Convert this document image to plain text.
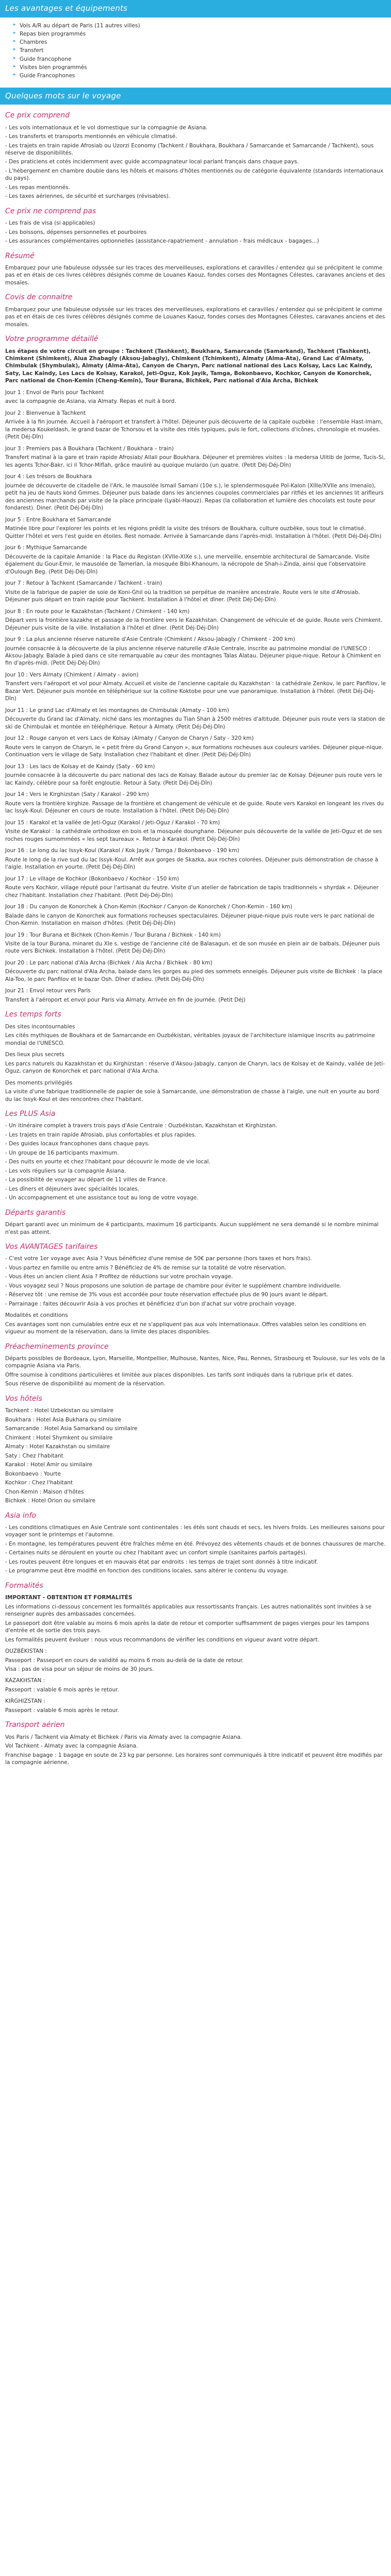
Les avantages et équipements
▸ Vols A/R au départ de Paris (11 autres villes)
▸ Repas bien programmés
▸ Chambres
▸ Transfert
▸ Guide francophone
▸ Visites bien programmés
▸ Guide Francophones
Quelques mots sur le voyage
Ce prix comprend

- Les vols internationaux et le vol domestique sur la compagnie de Asiana.

- Les transferts et transports mentionnés en véhicule climatisé.

- Les trajets en train rapide Afrosiab ou Uzorzi Economy (Tachkent / Boukhara, Boukhara / Samarcande et Samarcande / Tachkent), sous réserve de disponibilités.

- Des praticiens et cotés incidemment avec guide accompagnateur local parlant français dans chaque pays.

- L'hébergement en chambre double dans les hôtels et maisons d'hôtes mentionnés ou de catégorie équivalente (standards internationaux du pays).

- Les repas mentionnés.

- Les taxes aériennes, de sécurité et surcharges (révisables).

Ce prix ne comprend pas

- Les frais de visa (si applicables)

- Les boissons, dépenses personnelles et pourboires

- Les assurances complémentaires optionnelles (assistance-rapatriement - annulation - frais médicaux - bagages...)

Résumé

Embarquez pour une fabuleuse odyssée sur les traces des merveilleuses, explorations et caravilles / entendez qui se précipitent le comme pas et en étais de ces livres célèbres désignés comme de Louanes Kaouz, fondes corses des Montagnes Célestes, caravanes anciens et des mosaïes.

Covis de connaitre

Embarquez pour une fabuleuse odyssée sur les traces des merveilleuses, explorations et caravilles / entendez qui se précipitent le comme pas et en étais de ces livres célèbres désignés comme de Louanes Kaouz, fondes corses des Montagnes Célestes, caravanes anciens et des mosaïes.

Votre programme détaillé

Les étapes de votre circuit en groupe : Tachkent (Tashkent), Boukhara, Samarcande (Samarkand), Tachkent (Tashkent), Chimkent (Shimkent), Alua Zhabagly (Aksou-Jabagly), Chimkent (Tchimkent), Almaty (Alma-Ata), Grand Lac d'Almaty, Chimbulak (Shymbulak), Almaty (Alma-Ata), Canyon de Charyn, Parc national national des Lacs Kolsay, Lacs Lac Kaindy, Saty, Lac Kaindy, Les Lacs de Kolsay, Karakol, Jeti-Oguz, Kok Jayik, Tamga, Bokonbaevo, Kochkor, Canyon de Konorchek, Parc national de Chon-Kemin (Cheng-Kemin), Tour Burana, Bichkek, Parc national d'Ala Archa, Bichkek

Jour 1 : Envol de Paris pour Tachkent

avec la compagnie de Asiana, via Almaty. Repas et nuit à bord.

Jour 2 : Bienvenue à Tachkent

Arrivée à la fin journée. Accueil à l'aéroport et transfert à l'hôtel. Déjeuner puis découverte de la capitale ouzbèke : l'ensemble Hast-Imam, la medersa Koukeldash, le grand bazar de Tchorsou et la visite des rités typiques, puis le fort, collections d'icônes, chronologie et musées. (Petit Déj-Dîn)

Jour 3 : Premiers pas à Boukhara (Tachkent / Boukhara – train)

Transfert matinal à la gare et train rapide Afrosiab/ Allali pour Boukhara. Déjeuner et premières visites : la medersa Ulitib de Jorme, Tucis-Si, les agents Tchor-Bakr, ici il Tchor-Miflah, grâce mauliré au quoique mulardo (un quatre. (Petit Déj-Déj-Dîn)

Jour 4 : Les trésors de Boukhara

Journée de découverte de citadelle de l'Ark, le mausolée Ismail Samani (10e s.), le splendermosquée Poï-Kalon (XIIIe/XVIIe ans lmenaïo), petit ha jeu de hauts kond Gmmes. Déjeuner puis balade dans les anciennes coupoles commerciales par ritfiés et les anciennes lit arifleurs des anciennes marchands par visite de la place principale (Lyabi-Haouz). Repas (la collaboration et lumière des chocolats est toute pour fondarest). Diner. (Petit Déj-Déj-Dîn)

Jour 5 : Entre Boukhara et Samarcande

Matinée libre pour l'explorer les points et les régions prédit la visite des trésors de Boukhara, culture ouzbèke, sous tout le climatisé. Quitter l'hôtel et vers l'est guide en étoiles. Rest nomade. Arrivée à Samarcande dans l'après-midi. Installation à l'hôtel. (Petit Déj-Déj-Dîn)

Jour 6 : Mythique Samarcande

Découverte de la capitale Amanide : la Place du Registan (XVIIe-XIXe s.), une merveille, ensemble architectural de Samarcande. Visite également du Gour-Emir, le mausolée de Tamerlan, la mosquée Bibi-Khanoum, la nécropole de Shah-i-Zinda, ainsi que l'observatoire d'Oulough Beg. (Petit Déj-Déj-Dîn)

Jour 7 : Retour à Tachkent (Samarcande / Tachkent - train)

Visite de la fabrique de papier de soie de Koni-Ghil où la tradition se perpétue de manière ancestrale. Route vers le site d'Afrosiab. Déjeuner puis départ en train rapide pour Tachkent. Installation à l'hôtel et dîner. (Petit Déj-Déj-Dîn)

Jour 8 : En route pour le Kazakhstan (Tachkent / Chimkent - 140 km)

Départ vers la frontière kazakhe et passage de la frontière vers le Kazakhstan. Changement de véhicule et de guide. Route vers Chimkent. Déjeuner puis visite de la ville. Installation à l'hôtel et dîner. (Petit Déj-Déj-Dîn)

Jour 9 : La plus ancienne réserve naturelle d'Asie Centrale (Chimkent / Aksou-Jabagly / Chimkent - 200 km)

Journée consacrée à la découverte de la plus ancienne réserve naturelle d'Asie Centrale, inscrite au patrimoine mondial de l'UNESCO : Aksou-Jabagly. Balade à pied dans ce site remarquable au cœur des montagnes Talas Alatau. Déjeuner pique-nique. Retour à Chimkent en fin d'après-midi. (Petit Déj-Déj-Dîn)

Jour 10 : Vers Almaty (Chimkent / Almaty - avion)

Transfert vers l'aéroport et vol pour Almaty. Accueil et visite de l'ancienne capitale du Kazakhstan : la cathédrale Zenkov, le parc Panfilov, le Bazar Vert. Déjeuner puis montée en téléphérique sur la colline Koktobe pour une vue panoramique. Installation à l'hôtel. (Petit Déj-Déj-Dîn)

Jour 11 : Le grand Lac d'Almaty et les montagnes de Chimbulak (Almaty - 100 km)

Découverte du Grand lac d'Almaty, niché dans les montagnes du Tian Shan à 2500 mètres d'altitude. Déjeuner puis route vers la station de ski de Chimbulak et montée en téléphérique. Retour à Almaty. (Petit Déj-Déj-Dîn)

Jour 12 : Rouge canyon et vers Lacs de Kolsay (Almaty / Canyon de Charyn / Saty - 320 km)

Route vers le canyon de Charyn, le « petit frère du Grand Canyon », aux formations rocheuses aux couleurs variées. Déjeuner pique-nique. Continuation vers le village de Saty. Installation chez l'habitant et dîner. (Petit Déj-Déj-Dîn)

Jour 13 : Les lacs de Kolsay et de Kaindy (Saty - 60 km)

Journée consacrée à la découverte du parc national des lacs de Kolsay. Balade autour du premier lac de Kolsay. Déjeuner puis route vers le lac Kaindy, célèbre pour sa forêt engloutie. Retour à Saty. (Petit Déj-Déj-Dîn)

Jour 14 : Vers le Kirghizstan (Saty / Karakol - 290 km)

Route vers la frontière kirghize. Passage de la frontière et changement de véhicule et de guide. Route vers Karakol en longeant les rives du lac Issyk-Koul. Déjeuner en cours de route. Installation à l'hôtel. (Petit Déj-Déj-Dîn)

Jour 15 : Karakol et la vallée de Jeti-Oguz (Karakol / Jeti-Oguz / Karakol - 70 km)

Visite de Karakol : la cathédrale orthodoxe en bois et la mosquée dounghane. Déjeuner puis découverte de la vallée de Jeti-Oguz et de ses roches rouges surnommées « les sept taureaux ». Retour à Karakol. (Petit Déj-Déj-Dîn)

Jour 16 : Le long du lac Issyk-Koul (Karakol / Kok Jayik / Tamga / Bokonbaevo - 190 km)

Route le long de la rive sud du lac Issyk-Koul. Arrêt aux gorges de Skazka, aux roches colorées. Déjeuner puis démonstration de chasse à l'aigle. Installation en yourte. (Petit Déj-Déj-Dîn)

Jour 17 : Le village de Kochkor (Bokonbaevo / Kochkor - 150 km)

Route vers Kochkor, village réputé pour l'artisanat du feutre. Visite d'un atelier de fabrication de tapis traditionnels « shyrdak ». Déjeuner chez l'habitant. Installation chez l'habitant. (Petit Déj-Déj-Dîn)

Jour 18 : Du canyon de Konorchek à Chon-Kemin (Kochkor / Canyon de Konorchek / Chon-Kemin - 160 km)

Balade dans le canyon de Konorchek aux formations rocheuses spectaculaires. Déjeuner pique-nique puis route vers le parc national de Chon-Kemin. Installation en maison d'hôtes. (Petit Déj-Déj-Dîn)

Jour 19 : Tour Burana et Bichkek (Chon-Kemin / Tour Burana / Bichkek - 140 km)

Visite de la tour Burana, minaret du XIe s. vestige de l'ancienne cité de Balasagun, et de son musée en plein air de balbals. Déjeuner puis route vers Bichkek. Installation à l'hôtel. (Petit Déj-Déj-Dîn)

Jour 20 : Le parc national d'Ala Archa (Bichkek / Ala Archa / Bichkek - 80 km)

Découverte du parc national d'Ala Archa, balade dans les gorges au pied des sommets enneigés. Déjeuner puis visite de Bichkek : la place Ala-Too, le parc Panfilov et le bazar Osh. Dîner d'adieu. (Petit Déj-Déj-Dîn)

Jour 21 : Envol retour vers Paris

Transfert à l'aéroport et envol pour Paris via Almaty. Arrivée en fin de journée. (Petit Déj)

Les temps forts

Des sites incontournables

Les cités mythiques de Boukhara et de Samarcande en Ouzbékistan, véritables joyaux de l'architecture islamique inscrits au patrimoine mondial de l'UNESCO.

Des lieux plus secrets

Les parcs naturels du Kazakhstan et du Kirghizstan : réserve d'Aksou-Jabagly, canyon de Charyn, lacs de Kolsay et de Kaindy, vallée de Jeti-Oguz, canyon de Konorchek et parc national d'Ala Archa.

Des moments privilégiés

La visite d'une fabrique traditionnelle de papier de soie à Samarcande, une démonstration de chasse à l'aigle, une nuit en yourte au bord du lac Issyk-Koul et des rencontres chez l'habitant.

Les PLUS Asia

- Un itinéraire complet à travers trois pays d'Asie Centrale : Ouzbékistan, Kazakhstan et Kirghizstan.

- Les trajets en train rapide Afrosiab, plus confortables et plus rapides.

- Des guides locaux francophones dans chaque pays.

- Un groupe de 16 participants maximum.

- Des nuits en yourte et chez l'habitant pour découvrir le mode de vie local.

- Les vols réguliers sur la compagnie Asiana.

- La possibilité de voyager au départ de 11 villes de France.

- Les dîners et déjeuners avec spécialités locales.

- Un accompagnement et une assistance tout au long de votre voyage.

Départs garantis

Départ garanti avec un minimum de 4 participants, maximum 16 participants. Aucun supplément ne sera demandé si le nombre minimal n'est pas atteint.

Vos AVANTAGES tarifaires

- C'est votre 1er voyage avec Asia ? Vous bénéficiez d'une remise de 50€ par personne (hors taxes et hors frais).

- Vous partez en famille ou entre amis ? Bénéficiez de 4% de remise sur la totalité de votre réservation.

- Vous êtes un ancien client Asia ? Profitez de réductions sur votre prochain voyage.

- Vous voyagez seul ? Nous proposons une solution de partage de chambre pour éviter le supplément chambre individuelle.

- Réservez tôt : une remise de 3% vous est accordée pour toute réservation effectuée plus de 90 jours avant le départ.

- Parrainage : faites découvrir Asia à vos proches et bénéficiez d'un bon d'achat sur votre prochain voyage.

Modalités et conditions

Ces avantages sont non cumulables entre eux et ne s'appliquent pas aux vols internationaux. Offres valables selon les conditions en vigueur au moment de la réservation, dans la limite des places disponibles.

Préacheminements province

Départs possibles de Bordeaux, Lyon, Marseille, Montpellier, Mulhouse, Nantes, Nice, Pau, Rennes, Strasbourg et Toulouse, sur les vols de la compagnie Asiana via Paris.

Offre soumise à conditions particulières et limitée aux places disponibles. Les tarifs sont indiqués dans la rubrique prix et dates.

Sous réserve de disponibilité au moment de la réservation.

Vos hôtels

Tachkent : Hotel Uzbekistan ou similaire

Boukhara : Hotel Asia Bukhara ou similaire

Samarcande : Hotel Asia Samarkand ou similaire

Chimkent : Hotel Shymkent ou similaire

Almaty : Hotel Kazakhstan ou similaire

Saty : Chez l'habitant

Karakol : Hotel Amir ou similaire

Bokonbaevo : Yourte

Kochkor : Chez l'habitant

Chon-Kemin : Maison d'hôtes

Bichkek : Hotel Orion ou similaire

Asia info

- Les conditions climatiques en Asie Centrale sont continentales : les étés sont chauds et secs, les hivers froids. Les meilleures saisons pour voyager sont le printemps et l'automne.

- En montagne, les températures peuvent être fraîches même en été. Prévoyez des vêtements chauds et de bonnes chaussures de marche.

- Certaines nuits se déroulent en yourte ou chez l'habitant avec un confort simple (sanitaires parfois partagés).

- Les routes peuvent être longues et en mauvais état par endroits : les temps de trajet sont donnés à titre indicatif.

- Le programme peut être modifié en fonction des conditions locales, sans altérer le contenu du voyage.

Formalités

IMPORTANT - OBTENTION ET FORMALITÉS

Les informations ci-dessous concernent les formalités applicables aux ressortissants français. Les autres nationalités sont invitées à se renseigner auprès des ambassades concernées.

Le passeport doit être valable au moins 6 mois après la date de retour et comporter suffisamment de pages vierges pour les tampons d'entrée et de sortie des trois pays.

Les formalités peuvent évoluer : nous vous recommandons de vérifier les conditions en vigueur avant votre départ.

OUZBÉKISTAN :

Passeport : Passeport en cours de validité au moins 6 mois au-delà de la date de retour.

Visa : pas de visa pour un séjour de moins de 30 jours.

KAZAKHSTAN :

Passeport : valable 6 mois après le retour.

KIRGHIZSTAN :

Passeport : valable 6 mois après le retour.

Transport aérien

Vos Paris / Tachkent via Almaty et Bichkek / Paris via Almaty avec la compagnie Asiana.

Vol Tachkent - Almaty avec la compagnie Asiana.

Franchise bagage : 1 bagage en soute de 23 kg par personne. Les horaires sont communiqués à titre indicatif et peuvent être modifiés par la compagnie aérienne.
